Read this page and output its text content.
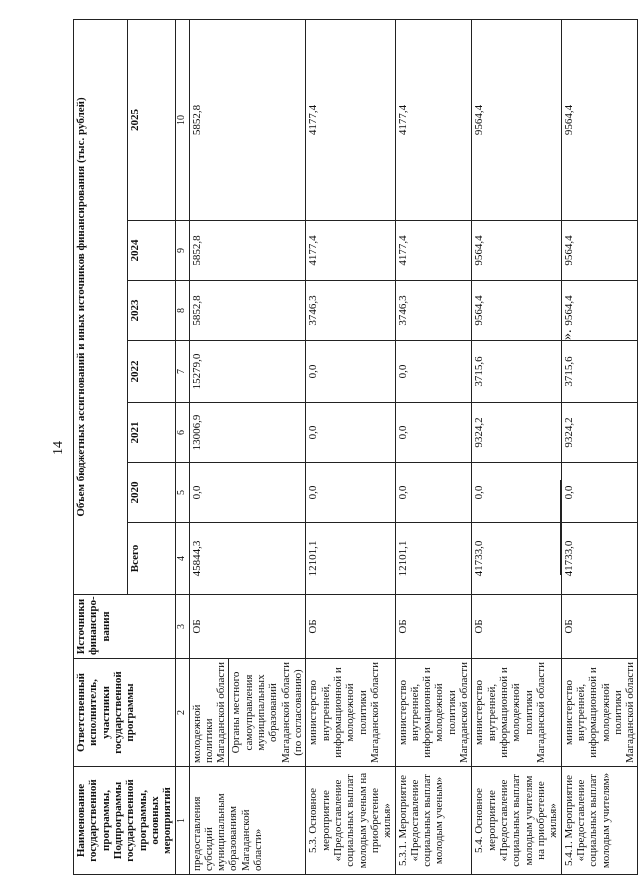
14
Наименование государственной программы, Подпрограммы государственной программы, основных мероприятий	Ответственный исполнитель, участники государственной программы	Источники финансиро-вания	Объем бюджетных ассигнований и иных источников финансирования (тыс. рублей)						
			Всего	2020	2021	2022	2023	2024	2025
1	2	3	4	5	6	7	8	9	10
предоставления субсидий муниципальным образованиям Магаданской области»	молодежной политики Магаданской области Органы местного самоуправления муниципальных образований Магаданской области (по согласованию)	ОБ	45844,3	0,0	13006,9	15279,0	5852,8	5852,8	5852,8
5.3. Основное мероприятие «Предоставление социальных выплат молодым ученым на приобретение жилья»	министерство внутренней, информационной и молодежной политики Магаданской области	ОБ	12101,1	0,0	0,0	0,0	3746,3	4177,4	4177,4
5.3.1. Мероприятие «Предоставление социальных выплат молодым ученым»	министерство внутренней, информационной и молодежной политики Магаданской области	ОБ	12101,1	0,0	0,0	0,0	3746,3	4177,4	4177,4
5.4. Основное мероприятие «Предоставление социальных выплат молодым учителям на приобретение жилья»	министерство внутренней, информационной и молодежной политики Магаданской области	ОБ	41733,0	0,0	9324,2	3715,6	9564,4	9564,4	9564,4
5.4.1. Мероприятие «Предоставление социальных выплат молодым учителям»	министерство внутренней, информационной и молодежной политики Магаданской области	ОБ	41733,0	0,0	9324,2	3715,6	9564,4	9564,4	9564,4
».
